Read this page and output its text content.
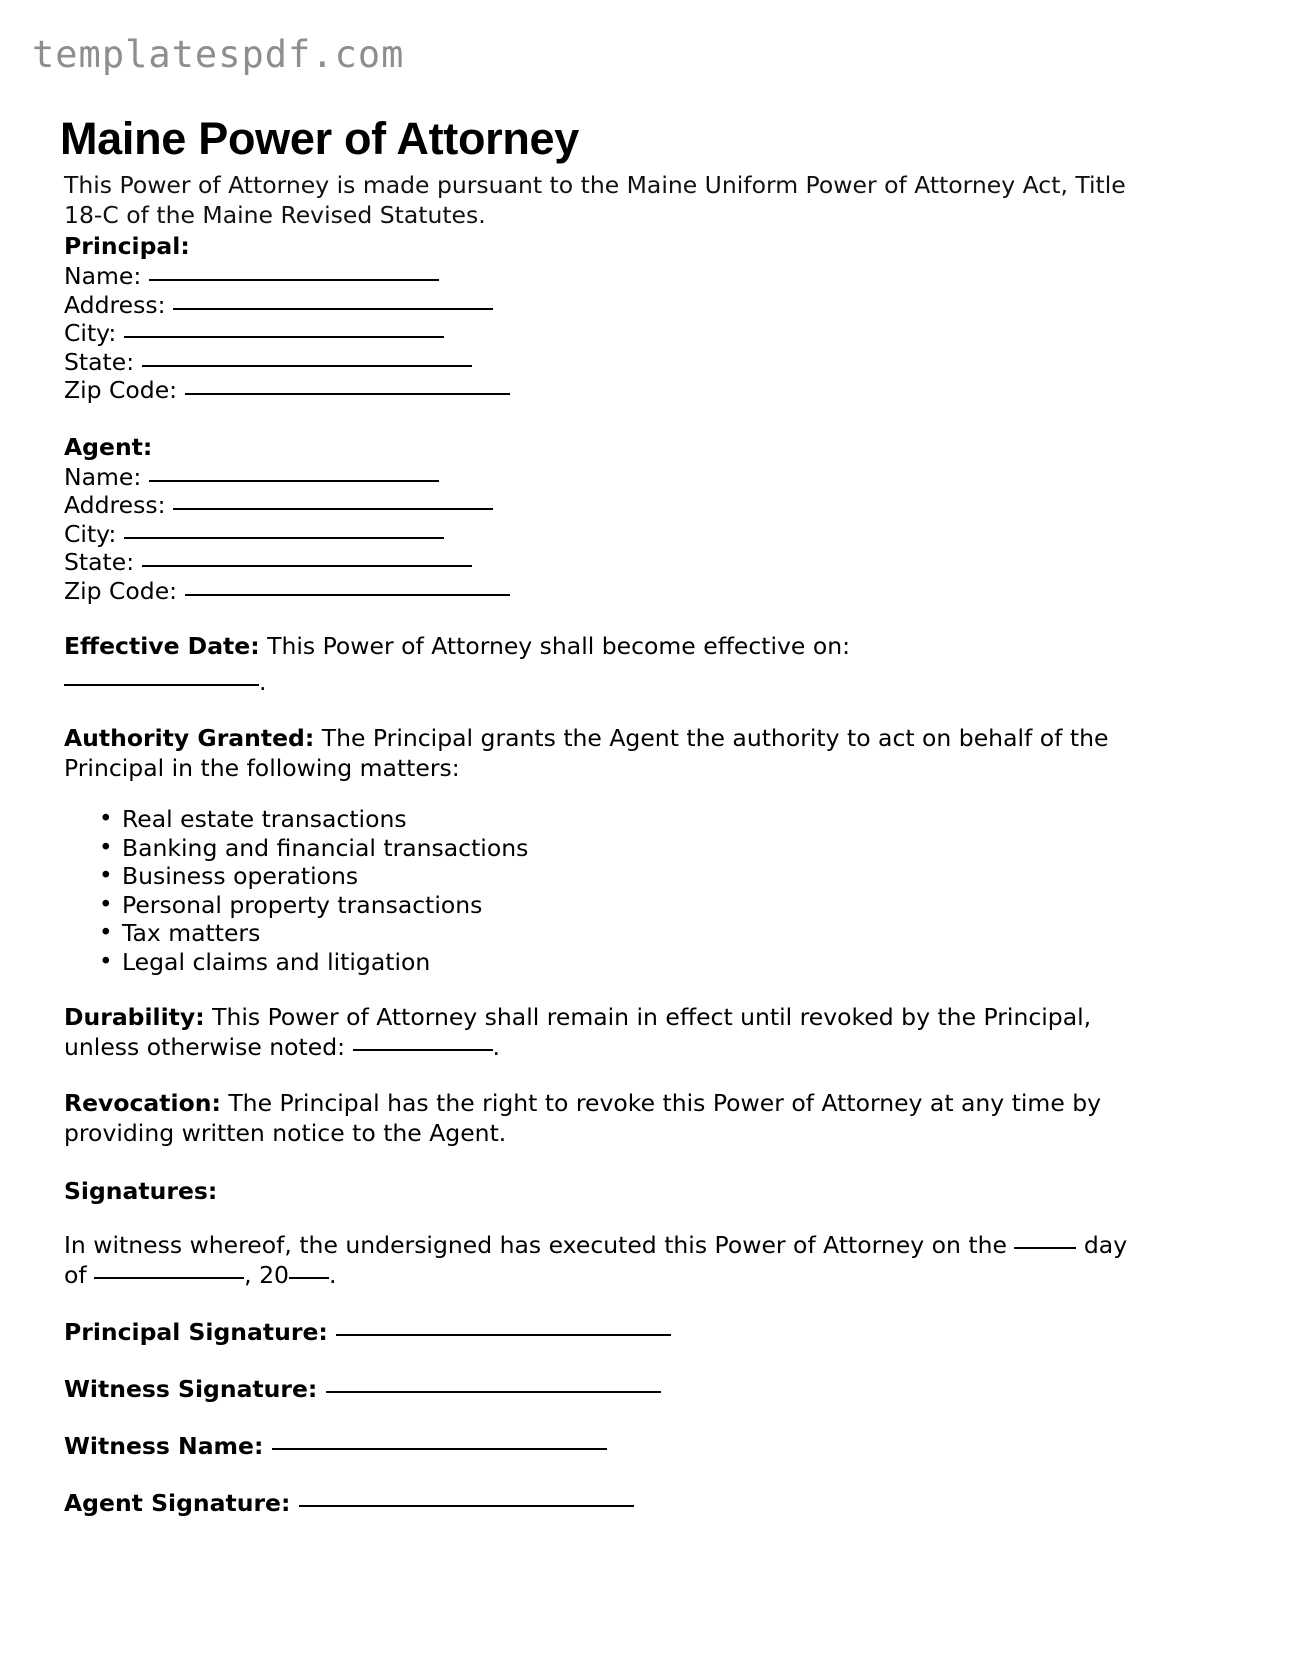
templatespdf.com
Maine Power of Attorney

This Power of Attorney is made pursuant to the Maine Uniform Power of Attorney Act, Title 18-C of the Maine Revised Statutes.

Principal:
Name:
Address:
City:
State:
Zip Code:
Agent:
Name:
Address:
City:
State:
Zip Code:
Effective Date: This Power of Attorney shall become effective on:
.
Authority Granted: The Principal grants the Agent the authority to act on behalf of the Principal in the following matters:
• Real estate transactions
• Banking and financial transactions
• Business operations
• Personal property transactions
• Tax matters
• Legal claims and litigation
Durability: This Power of Attorney shall remain in effect until revoked by the Principal, unless otherwise noted:	.
Revocation: The Principal has the right to revoke this Power of Attorney at any time by providing written notice to the Agent.
Signatures:
In witness whereof, the undersigned has executed this Power of Attorney on the	day of	, 20 .
Principal Signature:
Witness Signature:
Witness Name:
Agent Signature:
